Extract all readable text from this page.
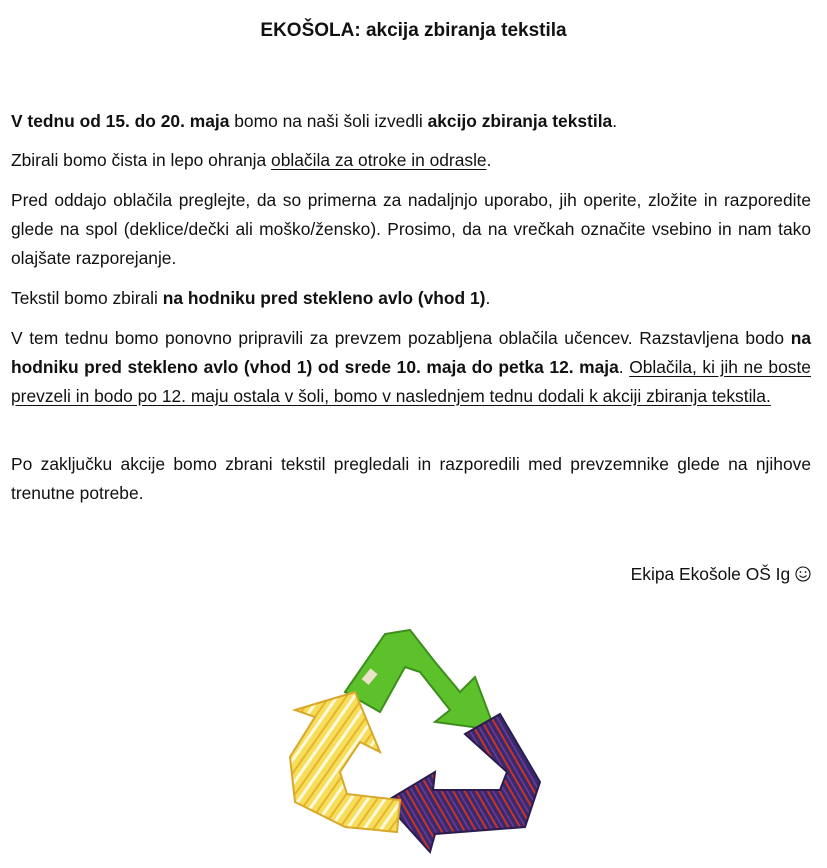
EKOŠOLA: akcija zbiranja tekstila

V tednu od 15. do 20. maja bomo na naši šoli izvedli akcijo zbiranja tekstila.

Zbirali bomo čista in lepo ohranja oblačila za otroke in odrasle.

Pred oddajo oblačila preglejte, da so primerna za nadaljnjo uporabo, jih operite, zložite in razporedite glede na spol (deklice/dečki ali moško/žensko). Prosimo, da na vrečkah označite vsebino in nam tako olajšate razporejanje.

Tekstil bomo zbirali na hodniku pred stekleno avlo (vhod 1).

V tem tednu bomo ponovno pripravili za prevzem pozabljena oblačila učencev. Razstavljena bodo na hodniku pred stekleno avlo (vhod 1) od srede 10. maja do petka 12. maja. Oblačila, ki jih ne boste prevzeli in bodo po 12. maju ostala v šoli, bomo v naslednjem tednu dodali k akciji zbiranja tekstila.

Po zaključku akcije bomo zbrani tekstil pregledali in razporedili med prevzemnike glede na njihove trenutne potrebe.

Ekipa Ekošole OŠ Ig
